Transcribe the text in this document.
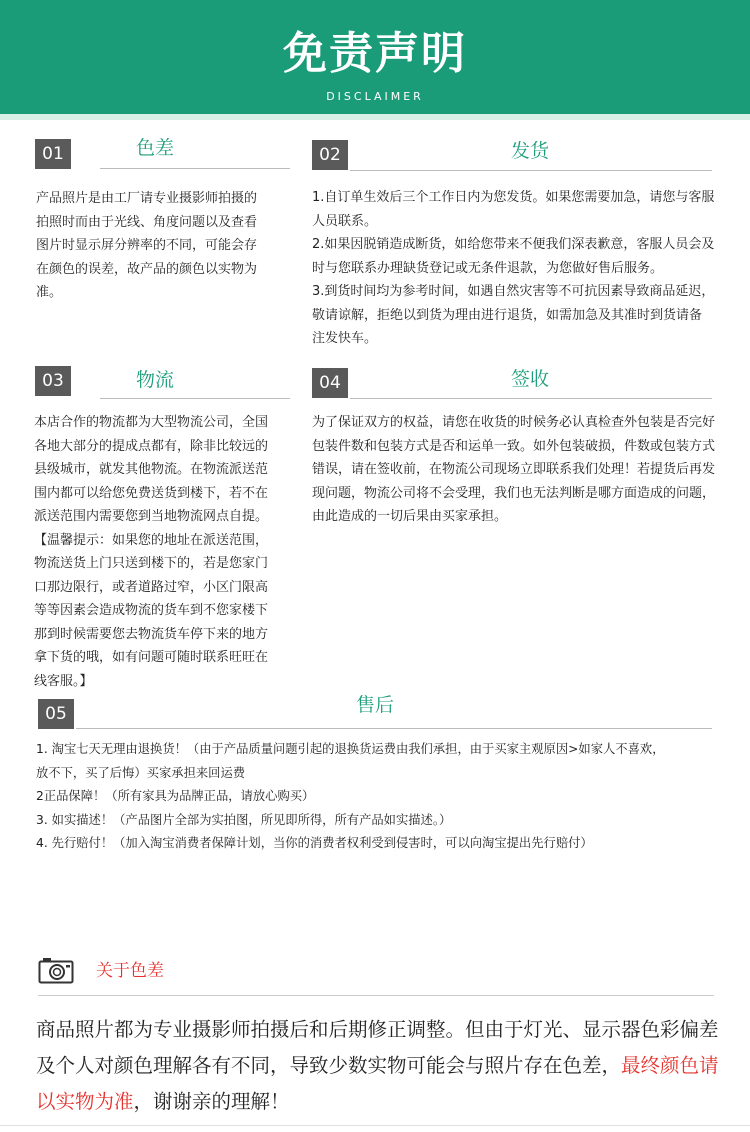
免责声明
DISCLAIMER
01	色差

产品照片是由工厂请专业摄影师拍摄的

拍照时而由于光线、角度问题以及查看

图片时显示屏分辨率的不同，可能会存

在颜色的误差，故产品的颜色以实物为

准。

02	发货

1.自订单生效后三个工作日内为您发货。如果您需要加急，请您与客服

人员联系。

2.如果因脱销造成断货，如给您带来不便我们深表歉意，客服人员会及

时与您联系办理缺货登记或无条件退款，为您做好售后服务。

3.到货时间均为参考时间，如遇自然灾害等不可抗因素导致商品延迟，

敬请谅解，拒绝以到货为理由进行退货，如需加急及其准时到货请备

注发快车。

03	物流

本店合作的物流都为大型物流公司，全国

各地大部分的提成点都有，除非比较远的

县级城市，就发其他物流。在物流派送范

围内都可以给您免费送货到楼下，若不在

派送范围内需要您到当地物流网点自提。

【温馨提示：如果您的地址在派送范围，

物流送货上门只送到楼下的，若是您家门

口那边限行，或者道路过窄，小区门限高

等等因素会造成物流的货车到不您家楼下

那到时候需要您去物流货车停下来的地方

拿下货的哦，如有问题可随时联系旺旺在

线客服。】

04	签收

为了保证双方的权益，请您在收货的时候务必认真检查外包装是否完好

包装件数和包装方式是否和运单一致。如外包装破损，件数或包装方式

错误，请在签收前，在物流公司现场立即联系我们处理！若提货后再发

现问题，物流公司将不会受理，我们也无法判断是哪方面造成的问题，

由此造成的一切后果由买家承担。

05	售后

1. 淘宝七天无理由退换货！（由于产品质量问题引起的退换货运费由我们承担，由于买家主观原因>如家人不喜欢，

放不下，买了后悔）买家承担来回运费

2正品保障！（所有家具为品牌正品，请放心购买）

3. 如实描述！（产品图片全部为实拍图，所见即所得，所有产品如实描述。）

4. 先行赔付！（加入淘宝消费者保障计划，当你的消费者权利受到侵害时，可以向淘宝提出先行赔付）

关于色差
商品照片都为专业摄影师拍摄后和后期修正调整。但由于灯光、显示器色彩偏差及个人对颜色理解各有不同，导致少数实物可能会与照片存在色差，最终颜色请以实物为准，谢谢亲的理解！
